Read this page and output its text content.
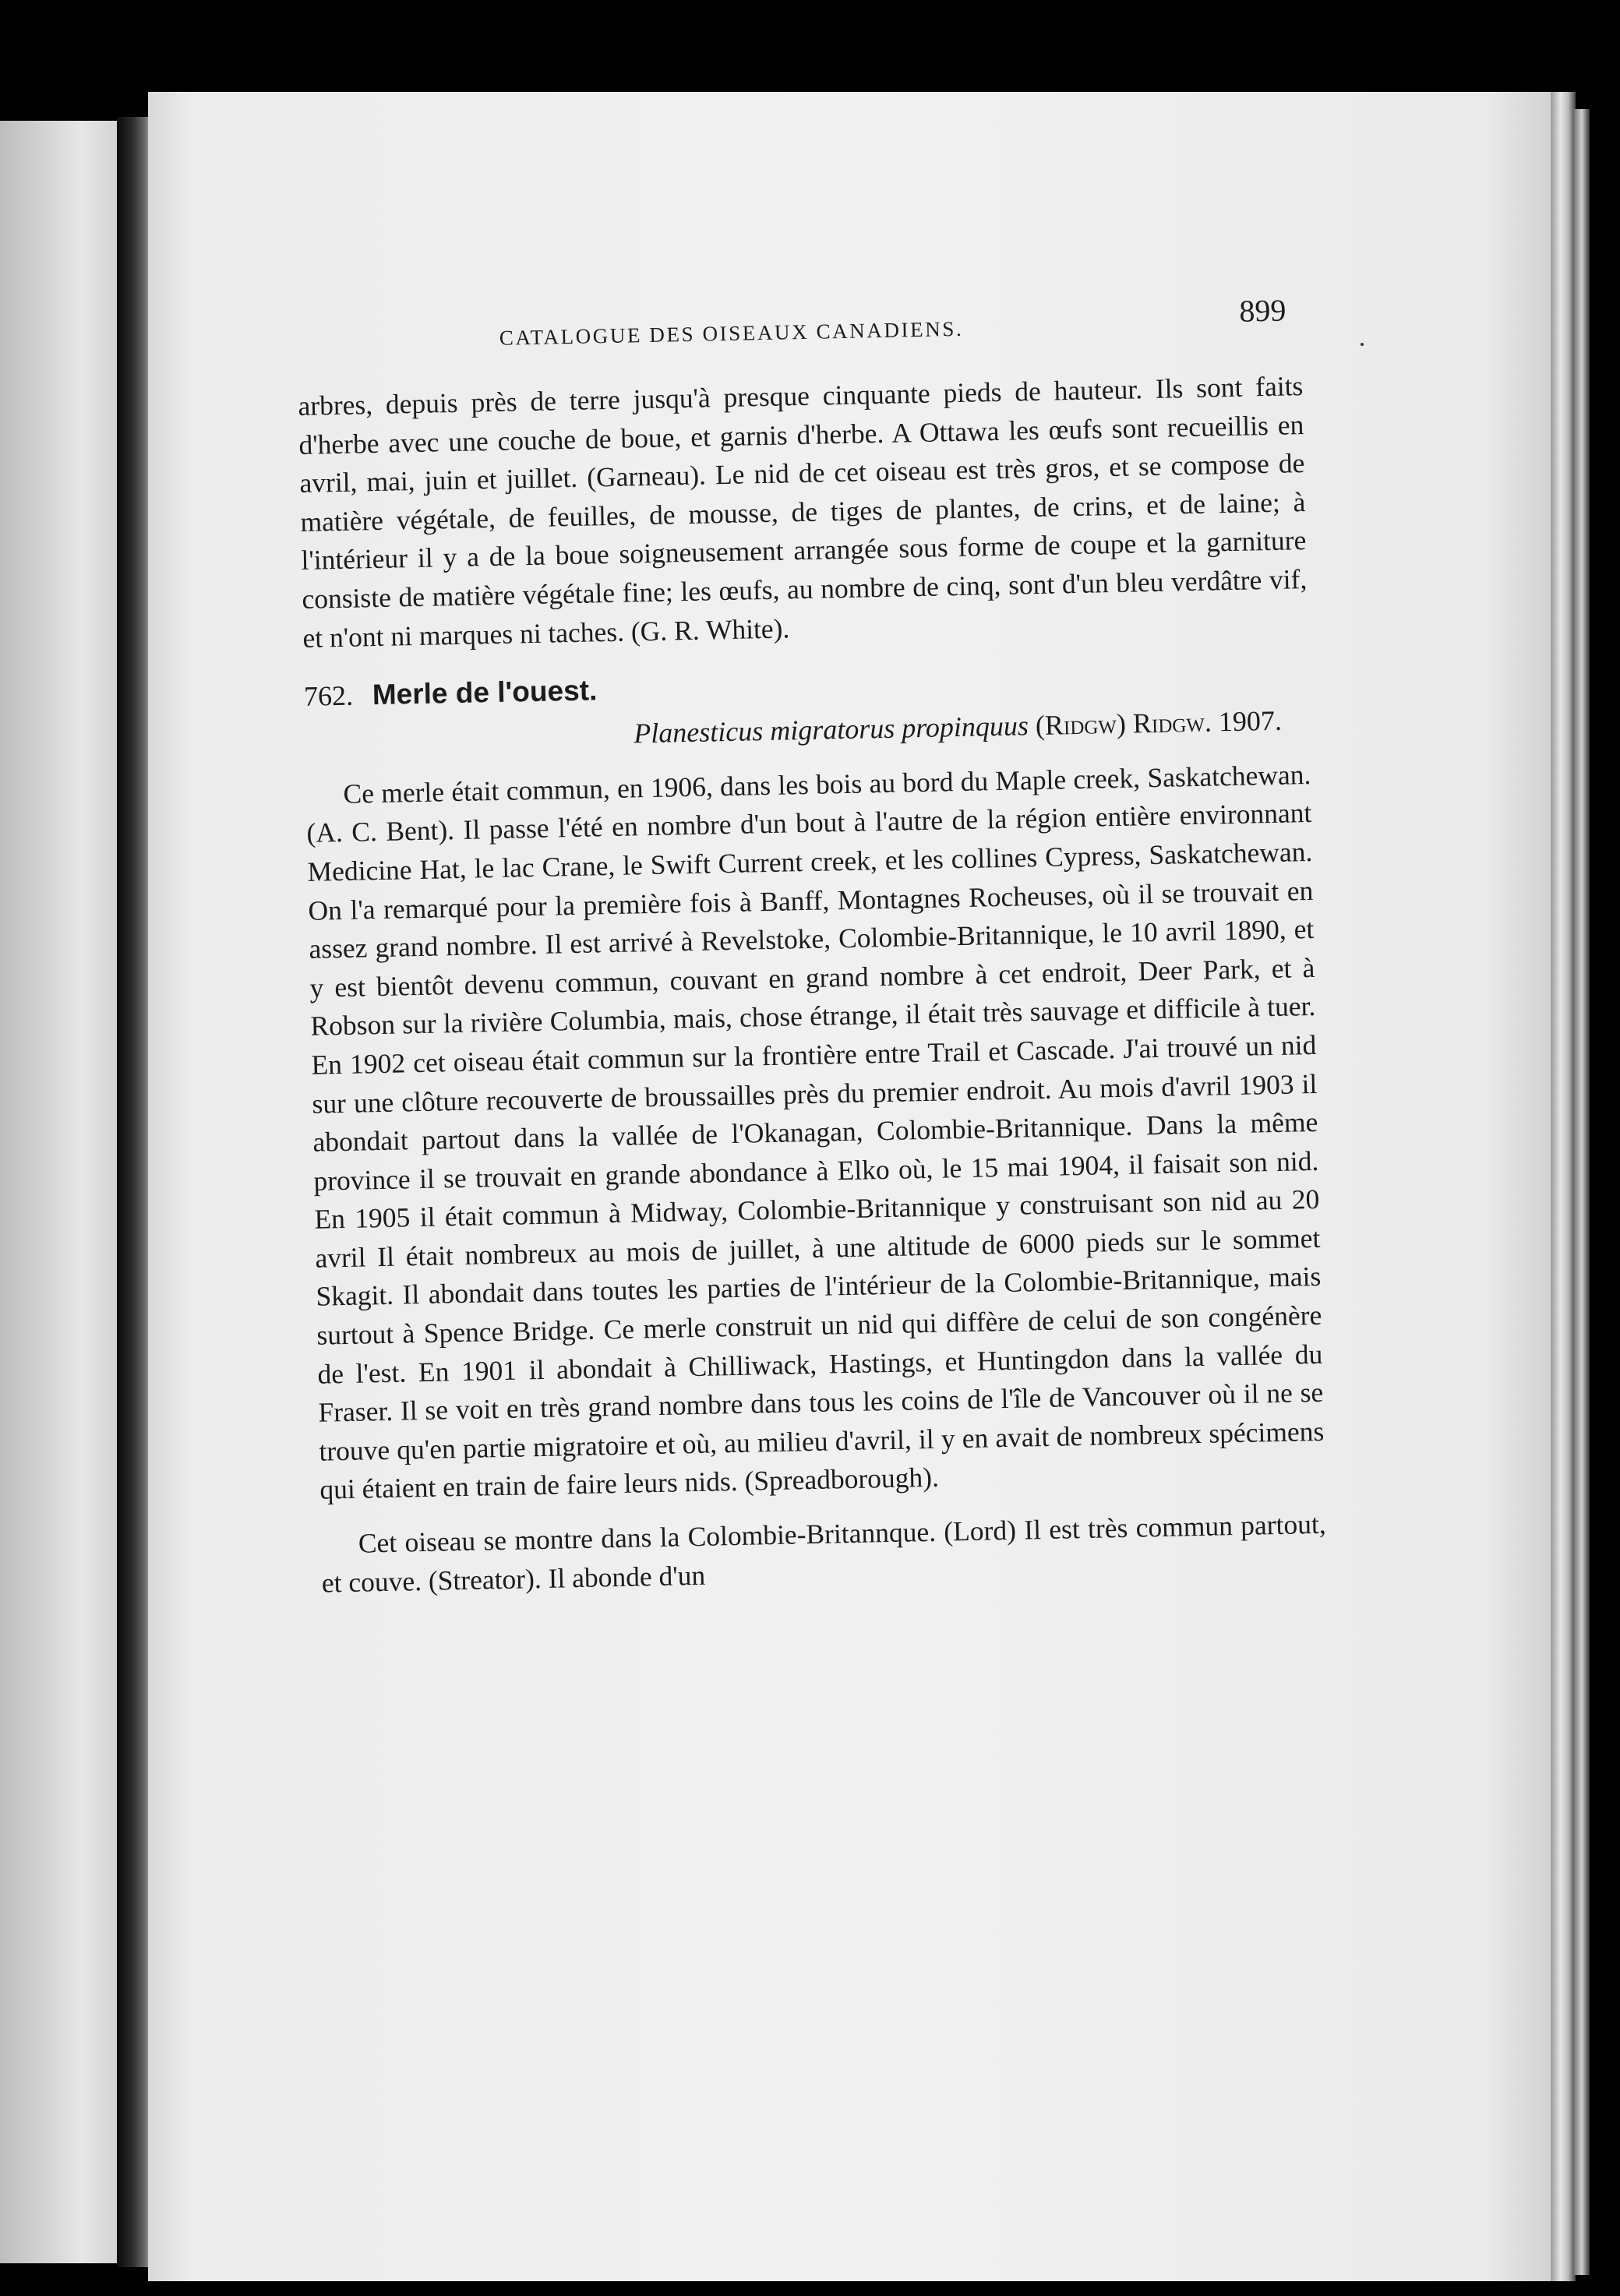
CATALOGUE DES OISEAUX CANADIENS.
899

arbres, depuis près de terre jusqu'à presque cinquante pieds de hauteur. Ils sont faits d'herbe avec une couche de boue, et garnis d'herbe. A Ottawa les œufs sont recueillis en avril, mai, juin et juillet. (Garneau). Le nid de cet oiseau est très gros, et se compose de matière végétale, de feuilles, de mousse, de tiges de plantes, de crins, et de laine; à l'intérieur il y a de la boue soigneusement arrangée sous forme de coupe et la garniture consiste de matière végétale fine; les œufs, au nombre de cinq, sont d'un bleu verdâtre vif, et n'ont ni marques ni taches. (G. R. White).

762. Merle de l'ouest.
Planesticus migratorus propinquus (Ridgw) Ridgw. 1907.

Ce merle était commun, en 1906, dans les bois au bord du Maple creek, Saskatchewan. (A. C. Bent). Il passe l'été en nombre d'un bout à l'autre de la région entière environnant Medicine Hat, le lac Crane, le Swift Current creek, et les collines Cypress, Saskatchewan. On l'a remarqué pour la première fois à Banff, Montagnes Rocheuses, où il se trouvait en assez grand nombre. Il est arrivé à Revelstoke, Colombie-Britannique, le 10 avril 1890, et y est bientôt devenu commun, couvant en grand nombre à cet endroit, Deer Park, et à Robson sur la rivière Columbia, mais, chose étrange, il était très sauvage et difficile à tuer. En 1902 cet oiseau était commun sur la frontière entre Trail et Cascade. J'ai trouvé un nid sur une clôture recouverte de broussailles près du premier endroit. Au mois d'avril 1903 il abondait partout dans la vallée de l'Okanagan, Colombie-Britannique. Dans la même province il se trouvait en grande abondance à Elko où, le 15 mai 1904, il faisait son nid. En 1905 il était commun à Midway, Colombie-Britannique y construisant son nid au 20 avril Il était nombreux au mois de juillet, à une altitude de 6000 pieds sur le sommet Skagit. Il abondait dans toutes les parties de l'intérieur de la Colombie-Britannique, mais surtout à Spence Bridge. Ce merle construit un nid qui diffère de celui de son congénère de l'est. En 1901 il abondait à Chilliwack, Hastings, et Huntingdon dans la vallée du Fraser. Il se voit en très grand nombre dans tous les coins de l'île de Vancouver où il ne se trouve qu'en partie migratoire et où, au milieu d'avril, il y en avait de nombreux spécimens qui étaient en train de faire leurs nids. (Spreadborough).

Cet oiseau se montre dans la Colombie-Britannque. (Lord) Il est très commun partout, et couve. (Streator). Il abonde d'un
